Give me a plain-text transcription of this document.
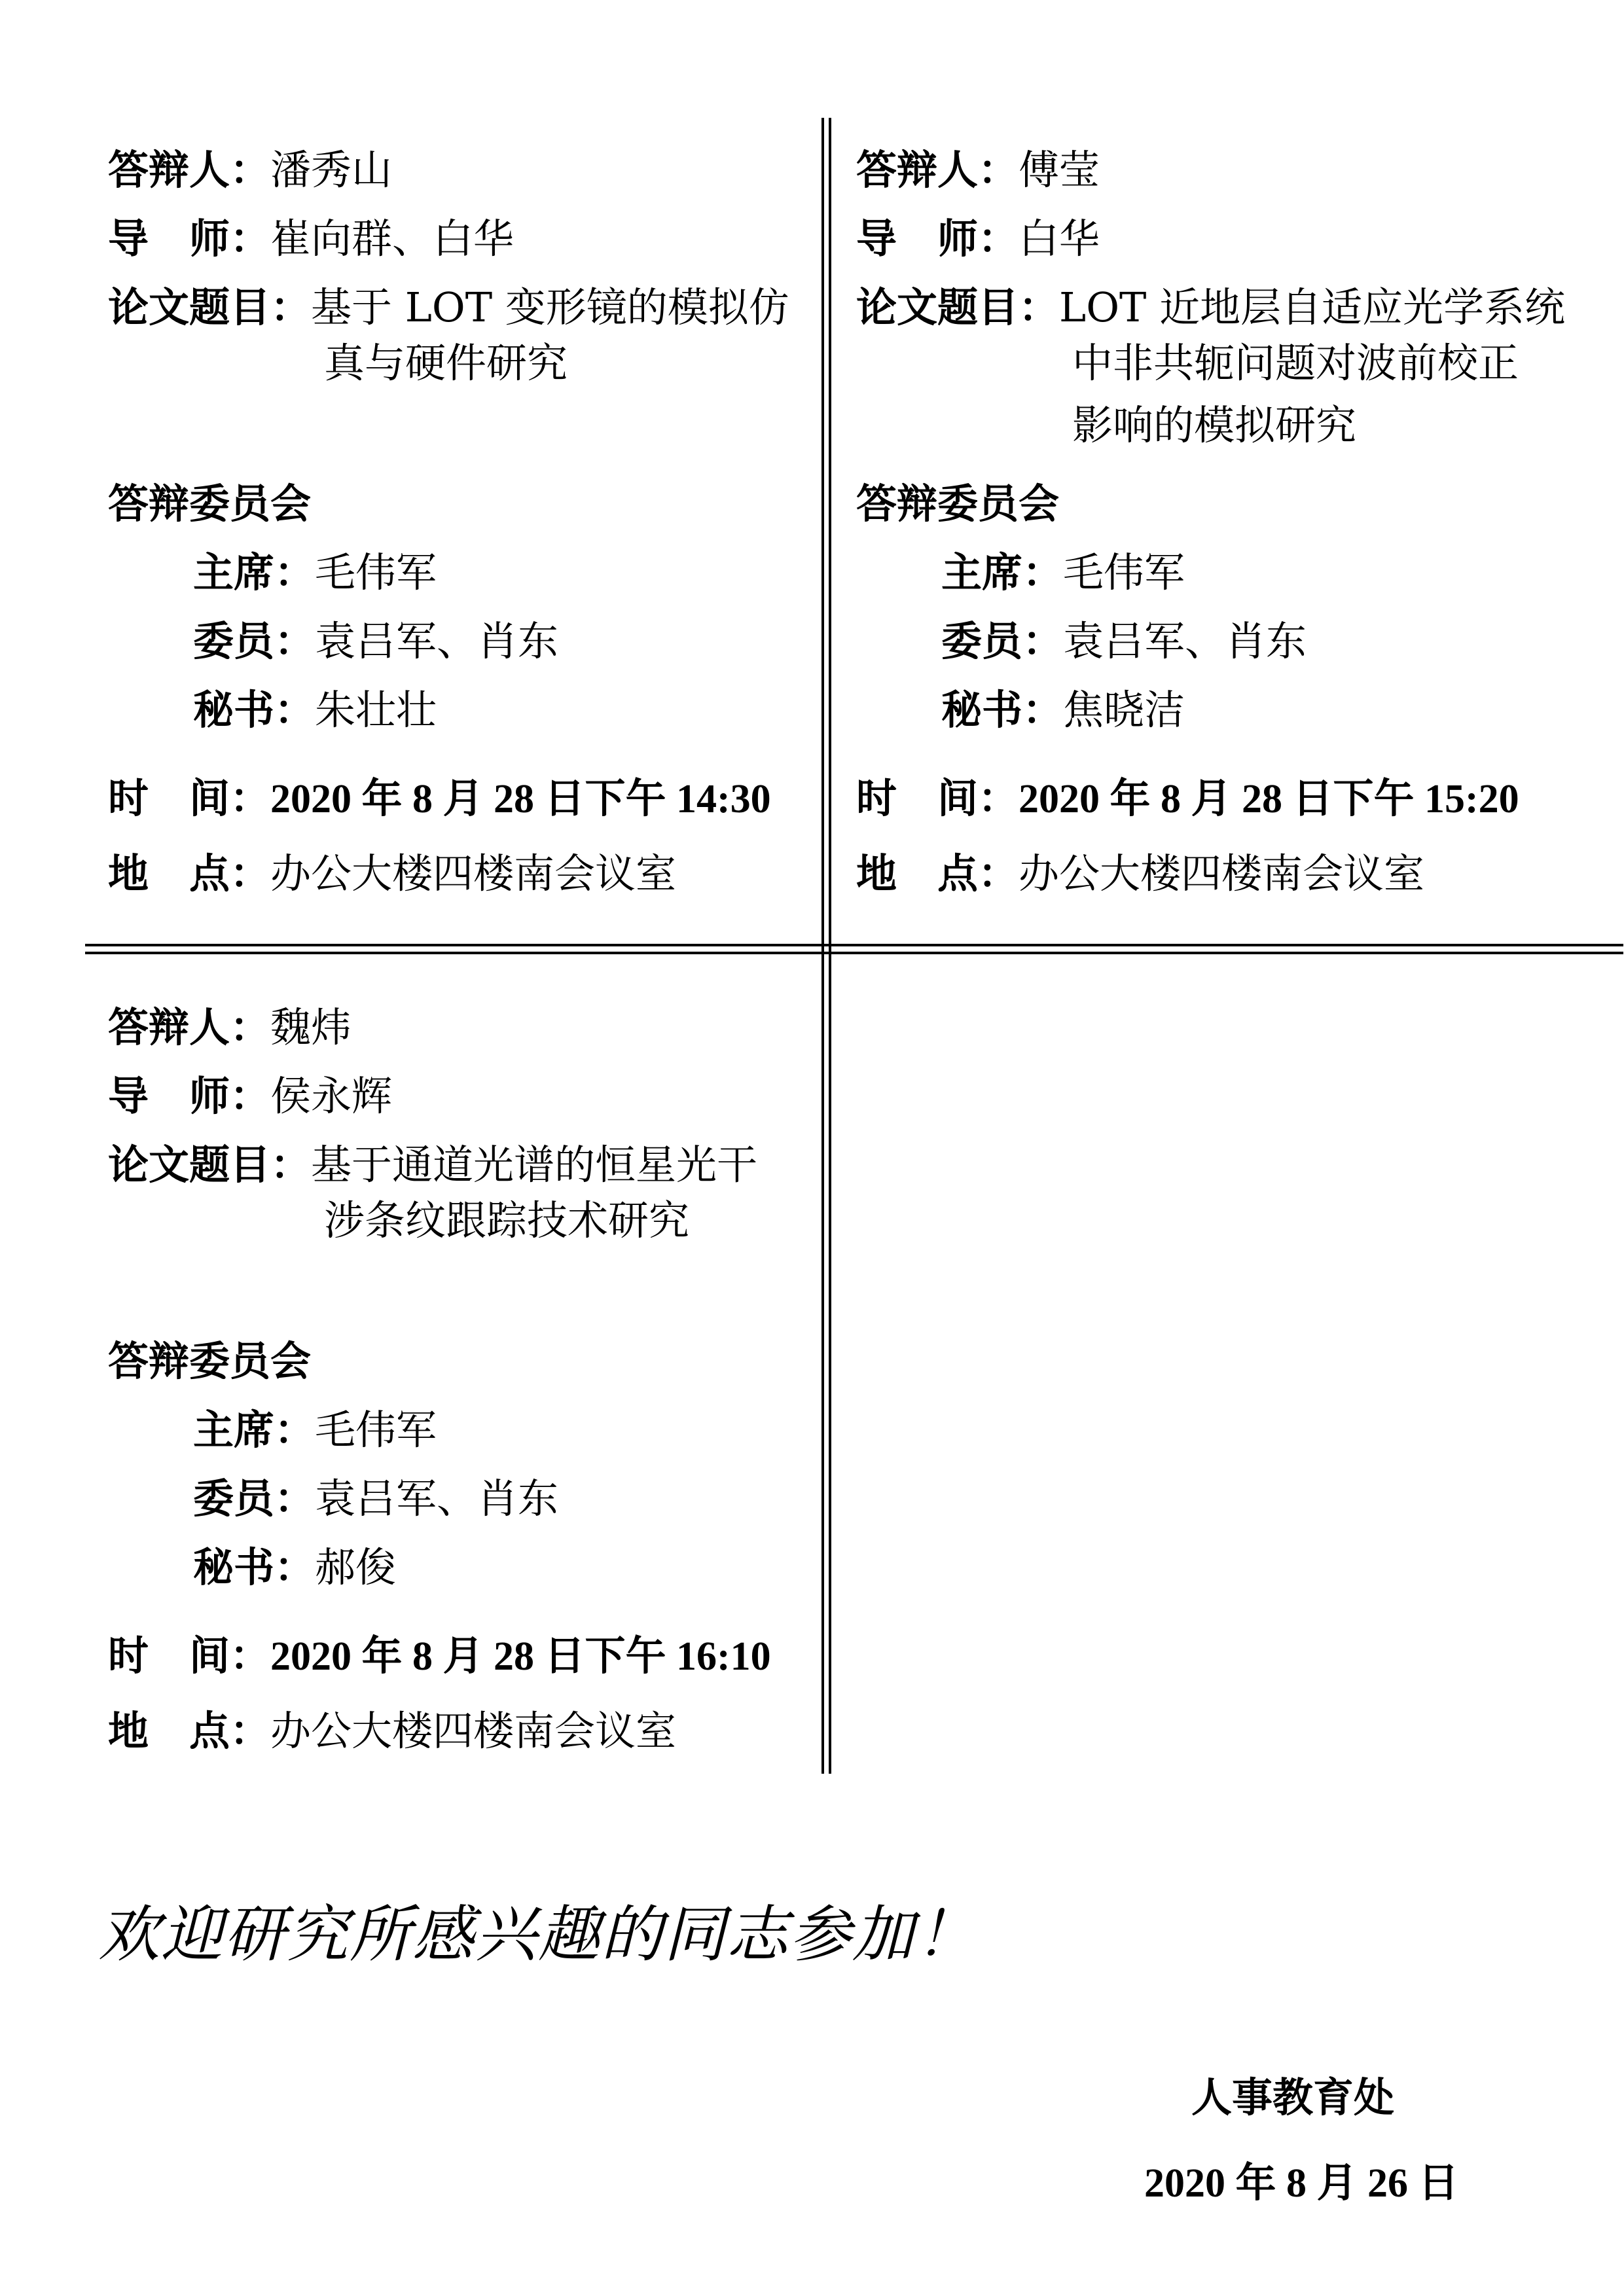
答辩人：潘秀山
导　师：崔向群、白华
论文题目：基于 LOT 变形镜的模拟仿
真与硬件研究
答辩委员会
主席：毛伟军
委员：袁吕军、肖东
秘书：朱壮壮
时　间：2020 年 8 月 28 日下午 14:30
地　点：办公大楼四楼南会议室
答辩人：傅莹
导　师：白华
论文题目：LOT 近地层自适应光学系统
中非共轭问题对波前校正
影响的模拟研究
答辩委员会
主席：毛伟军
委员：袁吕军、肖东
秘书：焦晓洁
时　间：2020 年 8 月 28 日下午 15:20
地　点：办公大楼四楼南会议室
答辩人：魏炜
导　师：侯永辉
论文题目：基于通道光谱的恒星光干
涉条纹跟踪技术研究
答辩委员会
主席：毛伟军
委员：袁吕军、肖东
秘书：郝俊
时　间：2020 年 8 月 28 日下午 16:10
地　点：办公大楼四楼南会议室
欢迎研究所感兴趣的同志参加！
人事教育处
2020 年 8 月 26 日
